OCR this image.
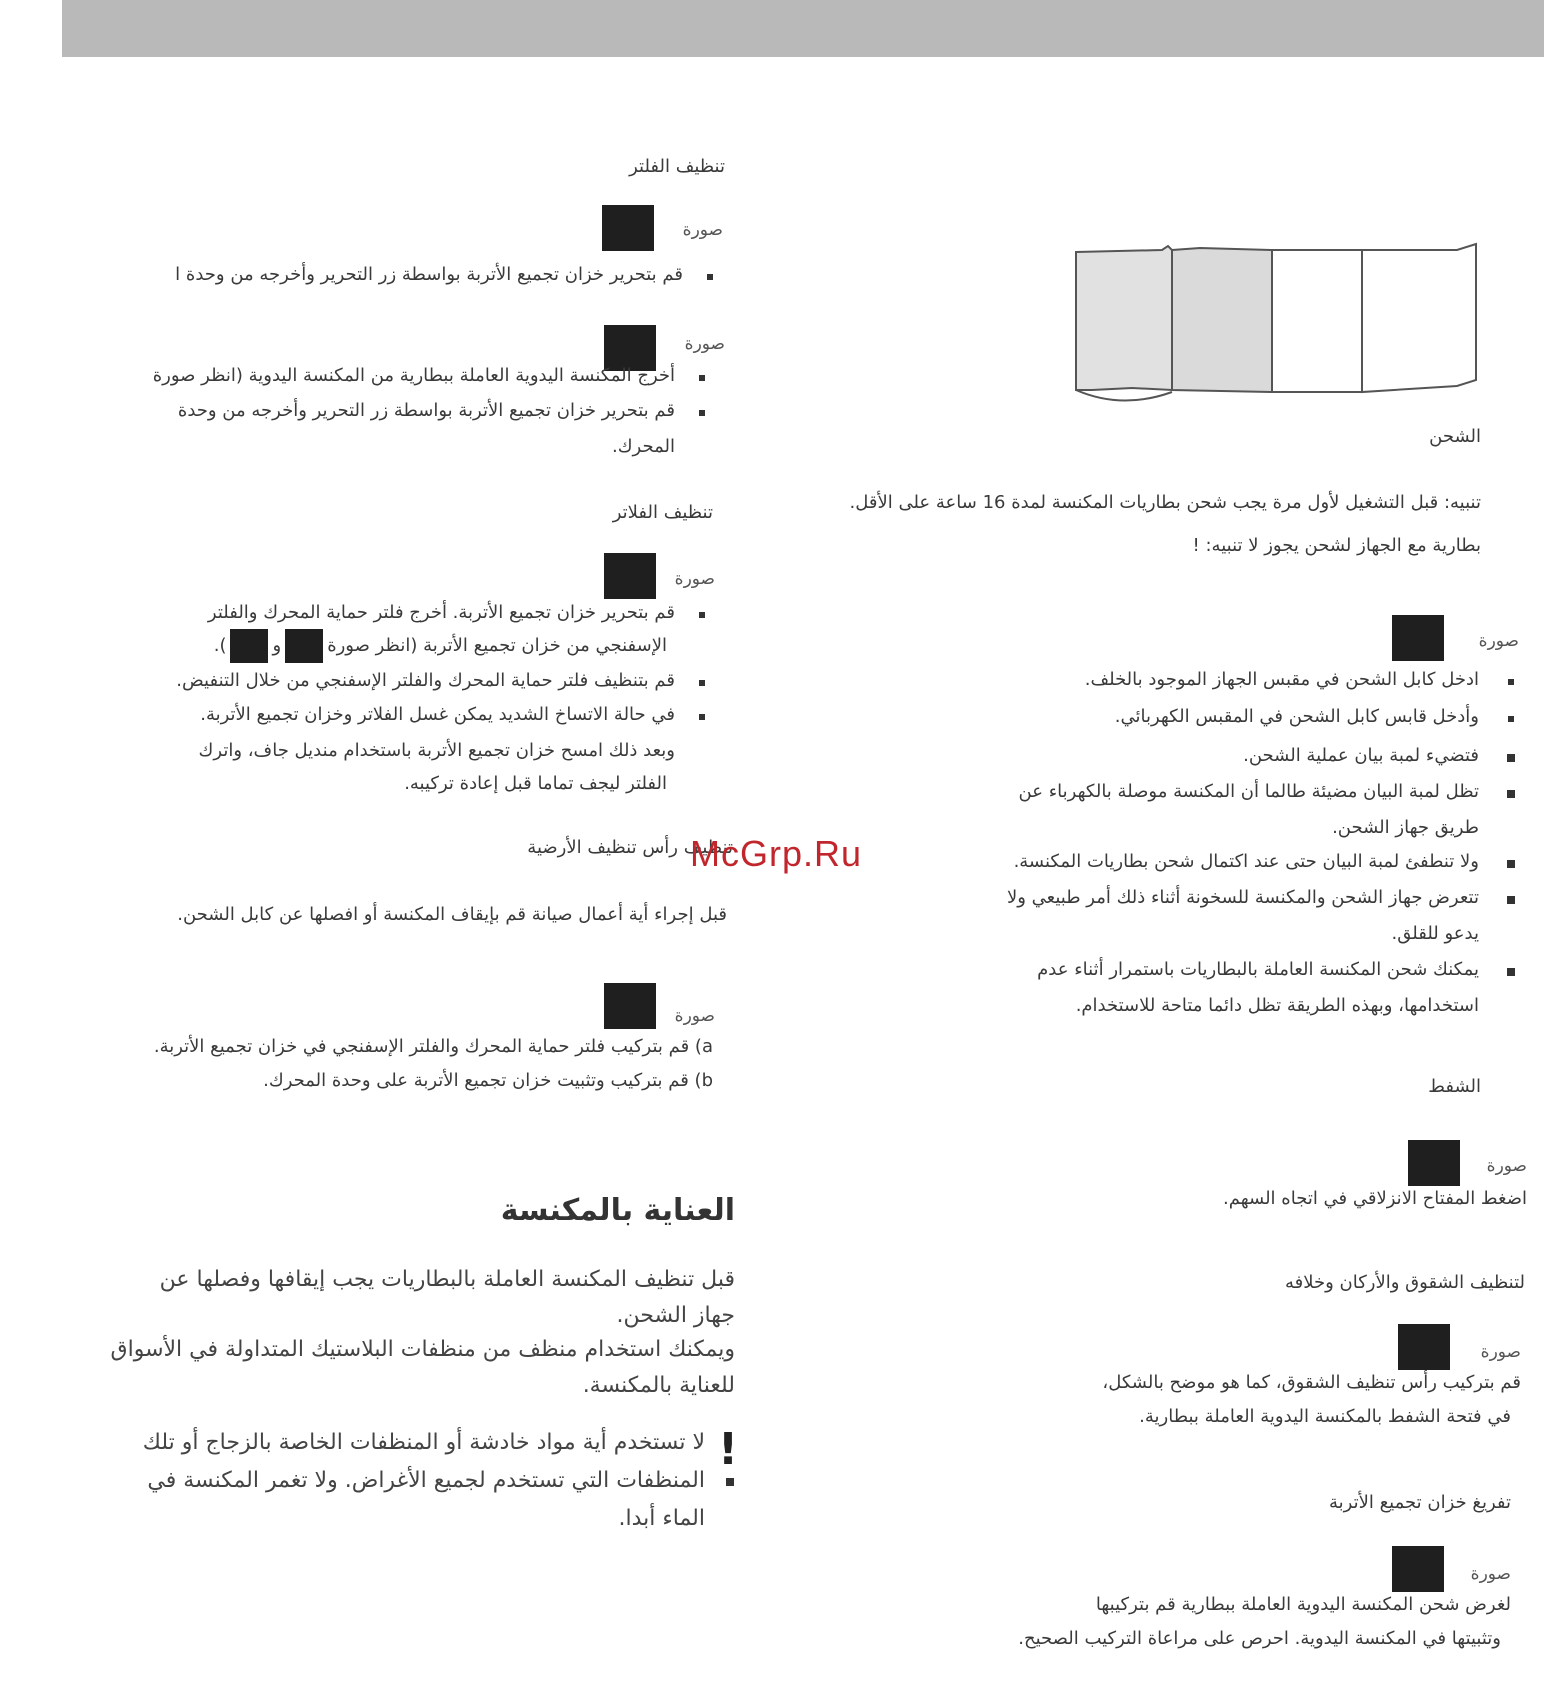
تنظيف الفلتر
صورة
قم بتحرير خزان تجميع الأتربة بواسطة زر التحرير وأخرجه من وحدة ا
صورة
أخرج المكنسة اليدوية العاملة ببطارية من المكنسة اليدوية (انظر صورة
قم بتحرير خزان تجميع الأتربة بواسطة زر التحرير وأخرجه من وحدة
المحرك.
تنظيف الفلاتر
صورة
قم بتحرير خزان تجميع الأتربة. أخرج فلتر حماية المحرك والفلتر
الإسفنجي من خزان تجميع الأتربة (انظر صورة
و
).
قم بتنظيف فلتر حماية المحرك والفلتر الإسفنجي من خلال التنفيض.
في حالة الاتساخ الشديد يمكن غسل الفلاتر وخزان تجميع الأتربة.
وبعد ذلك امسح خزان تجميع الأتربة باستخدام منديل جاف، واترك
الفلتر ليجف تماما قبل إعادة تركيبه.
تنظيف رأس تنظيف الأرضية
قبل إجراء أية أعمال صيانة قم بإيقاف المكنسة أو افصلها عن كابل الشحن.
صورة
a) قم بتركيب فلتر حماية المحرك والفلتر الإسفنجي في خزان تجميع الأتربة.
b) قم بتركيب وتثبيت خزان تجميع الأتربة على وحدة المحرك.
العناية بالمكنسة
قبل تنظيف المكنسة العاملة بالبطاريات يجب إيقافها وفصلها عن
جهاز الشحن.
ويمكنك استخدام منظف من منظفات البلاستيك المتداولة في الأسواق
للعناية بالمكنسة.
!
لا تستخدم أية مواد خادشة أو المنظفات الخاصة بالزجاج أو تلك
المنظفات التي تستخدم لجميع الأغراض. ولا تغمر المكنسة في
الماء أبدا.
الشحن
تنبيه: قبل التشغيل لأول مرة يجب شحن بطاريات المكنسة لمدة 16 ساعة على الأقل.
بطارية مع الجهاز لشحن يجوز لا تنبيه: !
صورة
ادخل كابل الشحن في مقبس الجهاز الموجود بالخلف.
وأدخل قابس كابل الشحن في المقبس الكهربائي.
فتضيء لمبة بيان عملية الشحن.
تظل لمبة البيان مضيئة طالما أن المكنسة موصلة بالكهرباء عن
طريق جهاز الشحن.
ولا تنطفئ لمبة البيان حتى عند اكتمال شحن بطاريات المكنسة.
تتعرض جهاز الشحن والمكنسة للسخونة أثناء ذلك أمر طبيعي ولا
يدعو للقلق.
يمكنك شحن المكنسة العاملة بالبطاريات باستمرار أثناء عدم
استخدامها، وبهذه الطريقة تظل دائما متاحة للاستخدام.
الشفط
صورة
اضغط المفتاح الانزلاقي في اتجاه السهم.
لتنظيف الشقوق والأركان وخلافه
صورة
قم بتركيب رأس تنظيف الشقوق، كما هو موضح بالشكل،
في فتحة الشفط بالمكنسة اليدوية العاملة ببطارية.
تفريغ خزان تجميع الأتربة
صورة
لغرض شحن المكنسة اليدوية العاملة ببطارية قم بتركيبها
وتثبيتها في المكنسة اليدوية. احرص على مراعاة التركيب الصحيح.
McGrp.Ru
